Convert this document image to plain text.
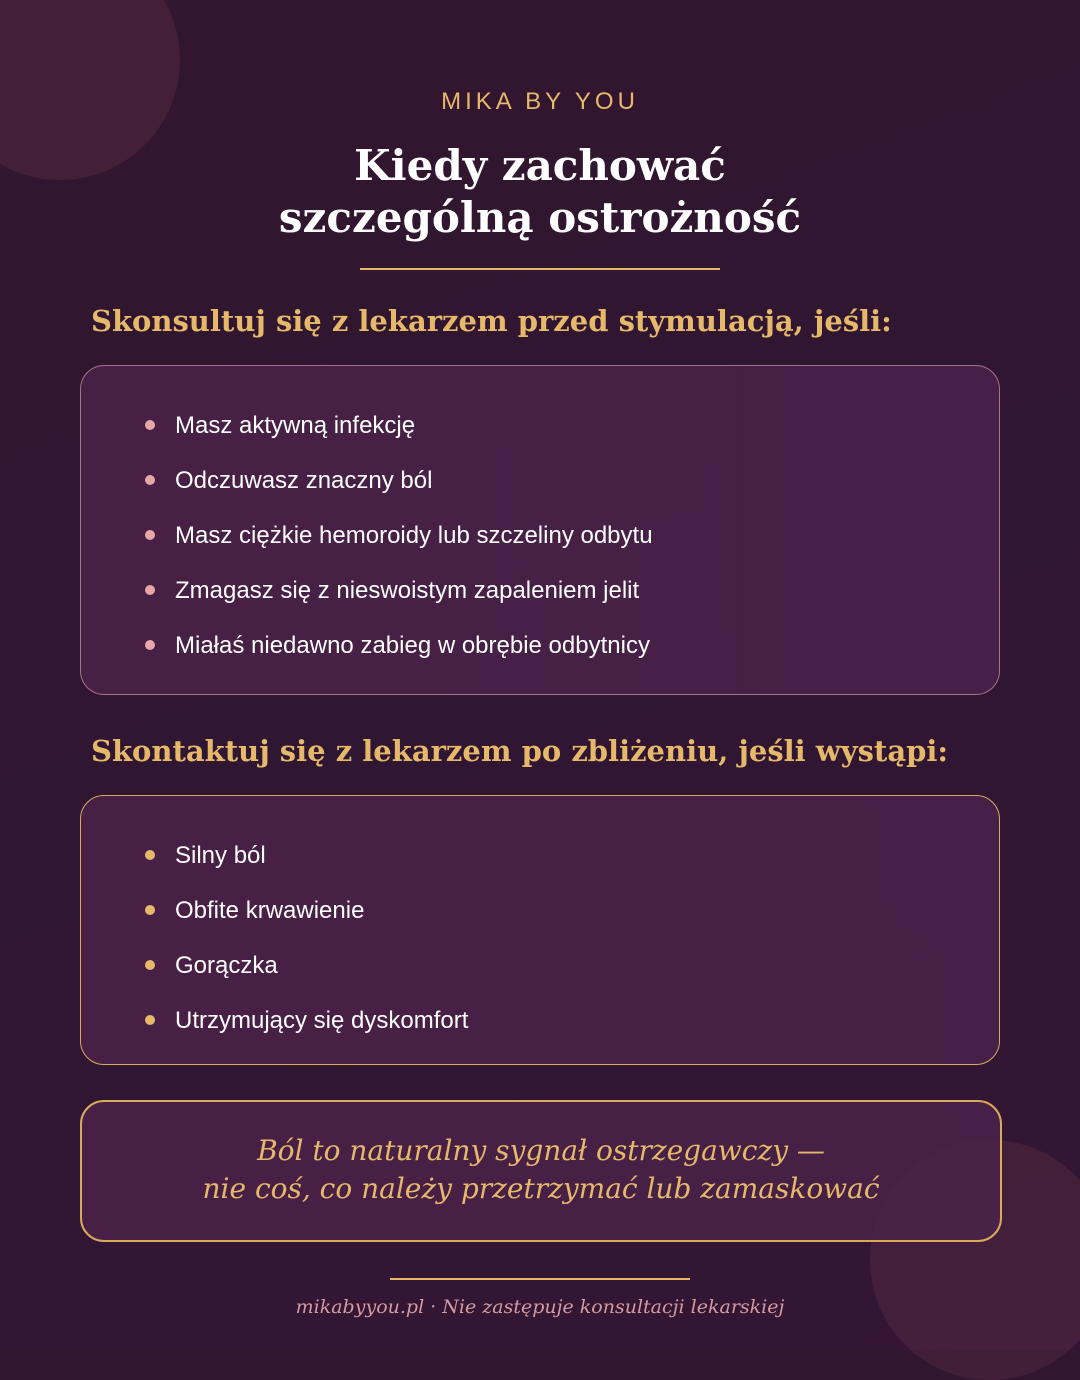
MIKA BY YOU
Kiedy zachować
szczególną ostrożność
Skonsultuj się z lekarzem przed stymulacją, jeśli:
Masz aktywną infekcję
Odczuwasz znaczny ból
Masz ciężkie hemoroidy lub szczeliny odbytu
Zmagasz się z nieswoistym zapaleniem jelit
Miałaś niedawno zabieg w obrębie odbytnicy
Skontaktuj się z lekarzem po zbliżeniu, jeśli wystąpi:
Silny ból
Obfite krwawienie
Gorączka
Utrzymujący się dyskomfort
Ból to naturalny sygnał ostrzegawczy —
nie coś, co należy przetrzymać lub zamaskować
mikabyyou.pl · Nie zastępuje konsultacji lekarskiej
